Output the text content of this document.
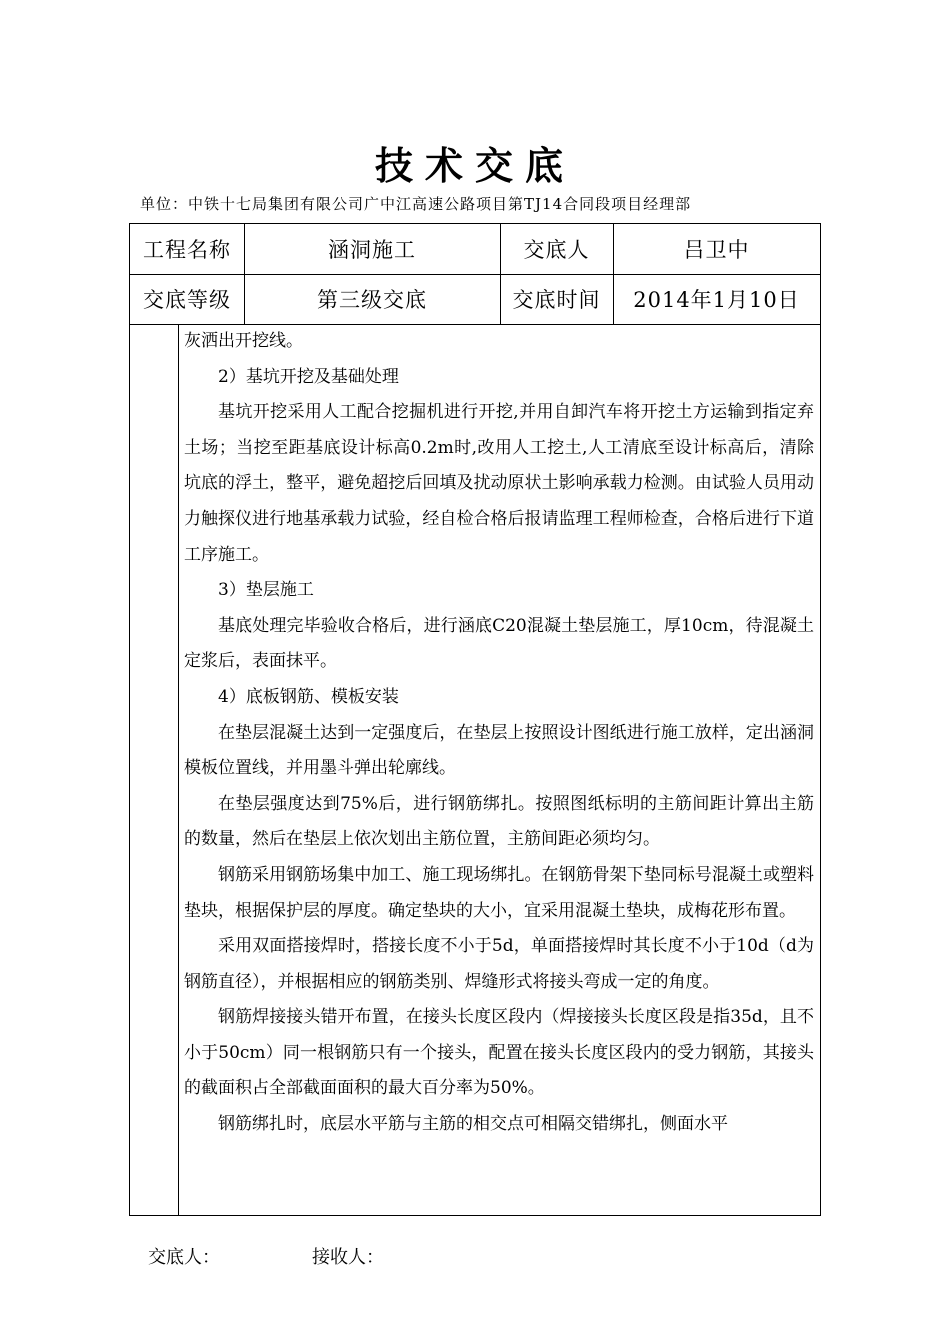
技术交底
单位：中铁十七局集团有限公司广中江高速公路项目第TJ14合同段项目经理部
工程名称	涵洞施工	交底人	吕卫中
交底等级	第三级交底	交底时间	2014年1月10日

灰洒出开挖线。

2）基坑开挖及基础处理

基坑开挖采用人工配合挖掘机进行开挖,并用自卸汽车将开挖土方运输到指定弃土场；当挖至距基底设计标高0.2m时,改用人工挖土,人工清底至设计标高后，清除坑底的浮土，整平，避免超挖后回填及扰动原状土影响承载力检测。由试验人员用动力触探仪进行地基承载力试验，经自检合格后报请监理工程师检查，合格后进行下道工序施工。

3）垫层施工

基底处理完毕验收合格后，进行涵底C20混凝土垫层施工，厚10cm，待混凝土定浆后，表面抹平。

4）底板钢筋、模板安装

在垫层混凝土达到一定强度后，在垫层上按照设计图纸进行施工放样，定出涵洞模板位置线，并用墨斗弹出轮廓线。

在垫层强度达到75%后，进行钢筋绑扎。按照图纸标明的主筋间距计算出主筋的数量，然后在垫层上依次划出主筋位置，主筋间距必须均匀。

钢筋采用钢筋场集中加工、施工现场绑扎。在钢筋骨架下垫同标号混凝土或塑料垫块，根据保护层的厚度。确定垫块的大小，宜采用混凝土垫块，成梅花形布置。

采用双面搭接焊时，搭接长度不小于5d，单面搭接焊时其长度不小于10d（d为钢筋直径），并根据相应的钢筋类别、焊缝形式将接头弯成一定的角度。

钢筋焊接接头错开布置，在接头长度区段内（焊接接头长度区段是指35d，且不小于50cm）同一根钢筋只有一个接头，配置在接头长度区段内的受力钢筋，其接头的截面积占全部截面面积的最大百分率为50%。

钢筋绑扎时，底层水平筋与主筋的相交点可相隔交错绑扎，侧面水平

交底人：	接收人：
